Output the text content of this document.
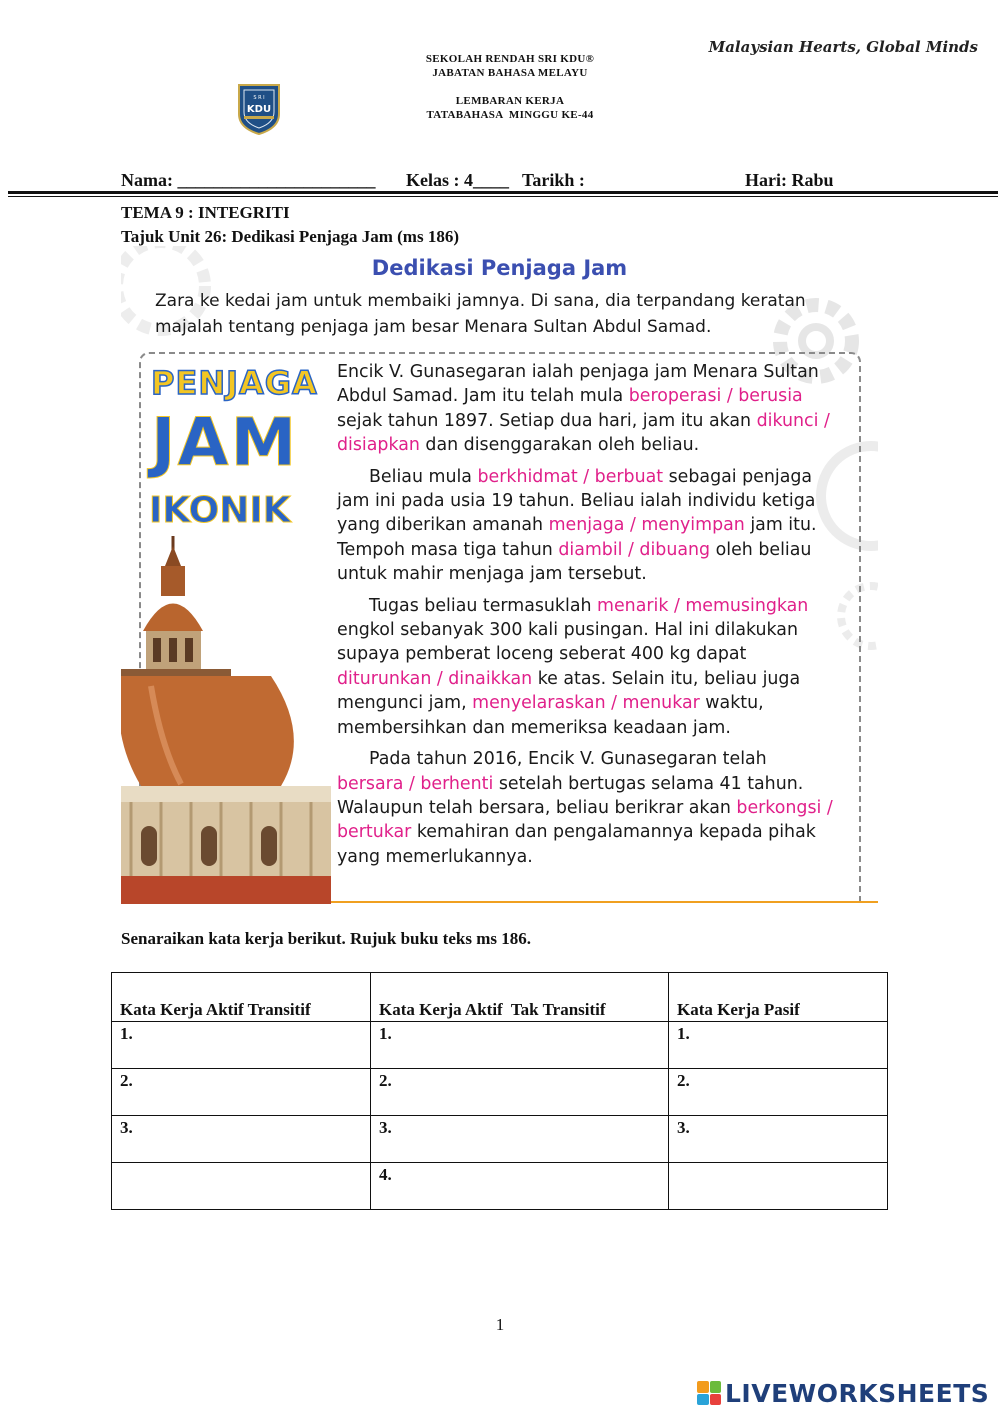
Malaysian Hearts, Global Minds
S R I
KDU
SEKOLAH RENDAH SRI KDU®
JABATAN BAHASA MELAYU
LEMBARAN KERJA
TATABAHASA  MINGGU KE-44
Nama: ______________________ Kelas : 4____ Tarikh :	Hari: Rabu
TEMA 9 : INTEGRITI
Tajuk Unit 26: Dedikasi Penjaga Jam (ms 186)
Dedikasi Penjaga Jam
Zara ke kedai jam untuk membaiki jamnya. Di sana, dia terpandang keratan majalah tentang penjaga jam besar Menara Sultan Abdul Samad.
PENJAGA
JAM
IKONIK

Encik V. Gunasegaran ialah penjaga jam Menara Sultan Abdul Samad. Jam itu telah mula beroperasi / berusia sejak tahun 1897. Setiap dua hari, jam itu akan dikunci / disiapkan dan disenggarakan oleh beliau.

Beliau mula berkhidmat / berbuat sebagai penjaga jam ini pada usia 19 tahun. Beliau ialah individu ketiga yang diberikan amanah menjaga / menyimpan jam itu. Tempoh masa tiga tahun diambil / dibuang oleh beliau untuk mahir menjaga jam tersebut.

Tugas beliau termasuklah menarik / memusingkan engkol sebanyak 300 kali pusingan. Hal ini dilakukan supaya pemberat loceng seberat 400 kg dapat diturunkan / dinaikkan ke atas. Selain itu, beliau juga mengunci jam, menyelaraskan / menukar waktu, membersihkan dan memeriksa keadaan jam.

Pada tahun 2016, Encik V. Gunasegaran telah bersara / berhenti setelah bertugas selama 41 tahun. Walaupun telah bersara, beliau berikrar akan berkongsi / bertukar kemahiran dan pengalamannya kepada pihak yang memerlukannya.

Senaraikan kata kerja berikut. Rujuk buku teks ms 186.
Kata Kerja Aktif Transitif	Kata Kerja Aktif  Tak Transitif	Kata Kerja Pasif
1.	1.	1.
2.	2.	2.
3.	3.	3.
	4.	
1
LIVEWORKSHEETS
